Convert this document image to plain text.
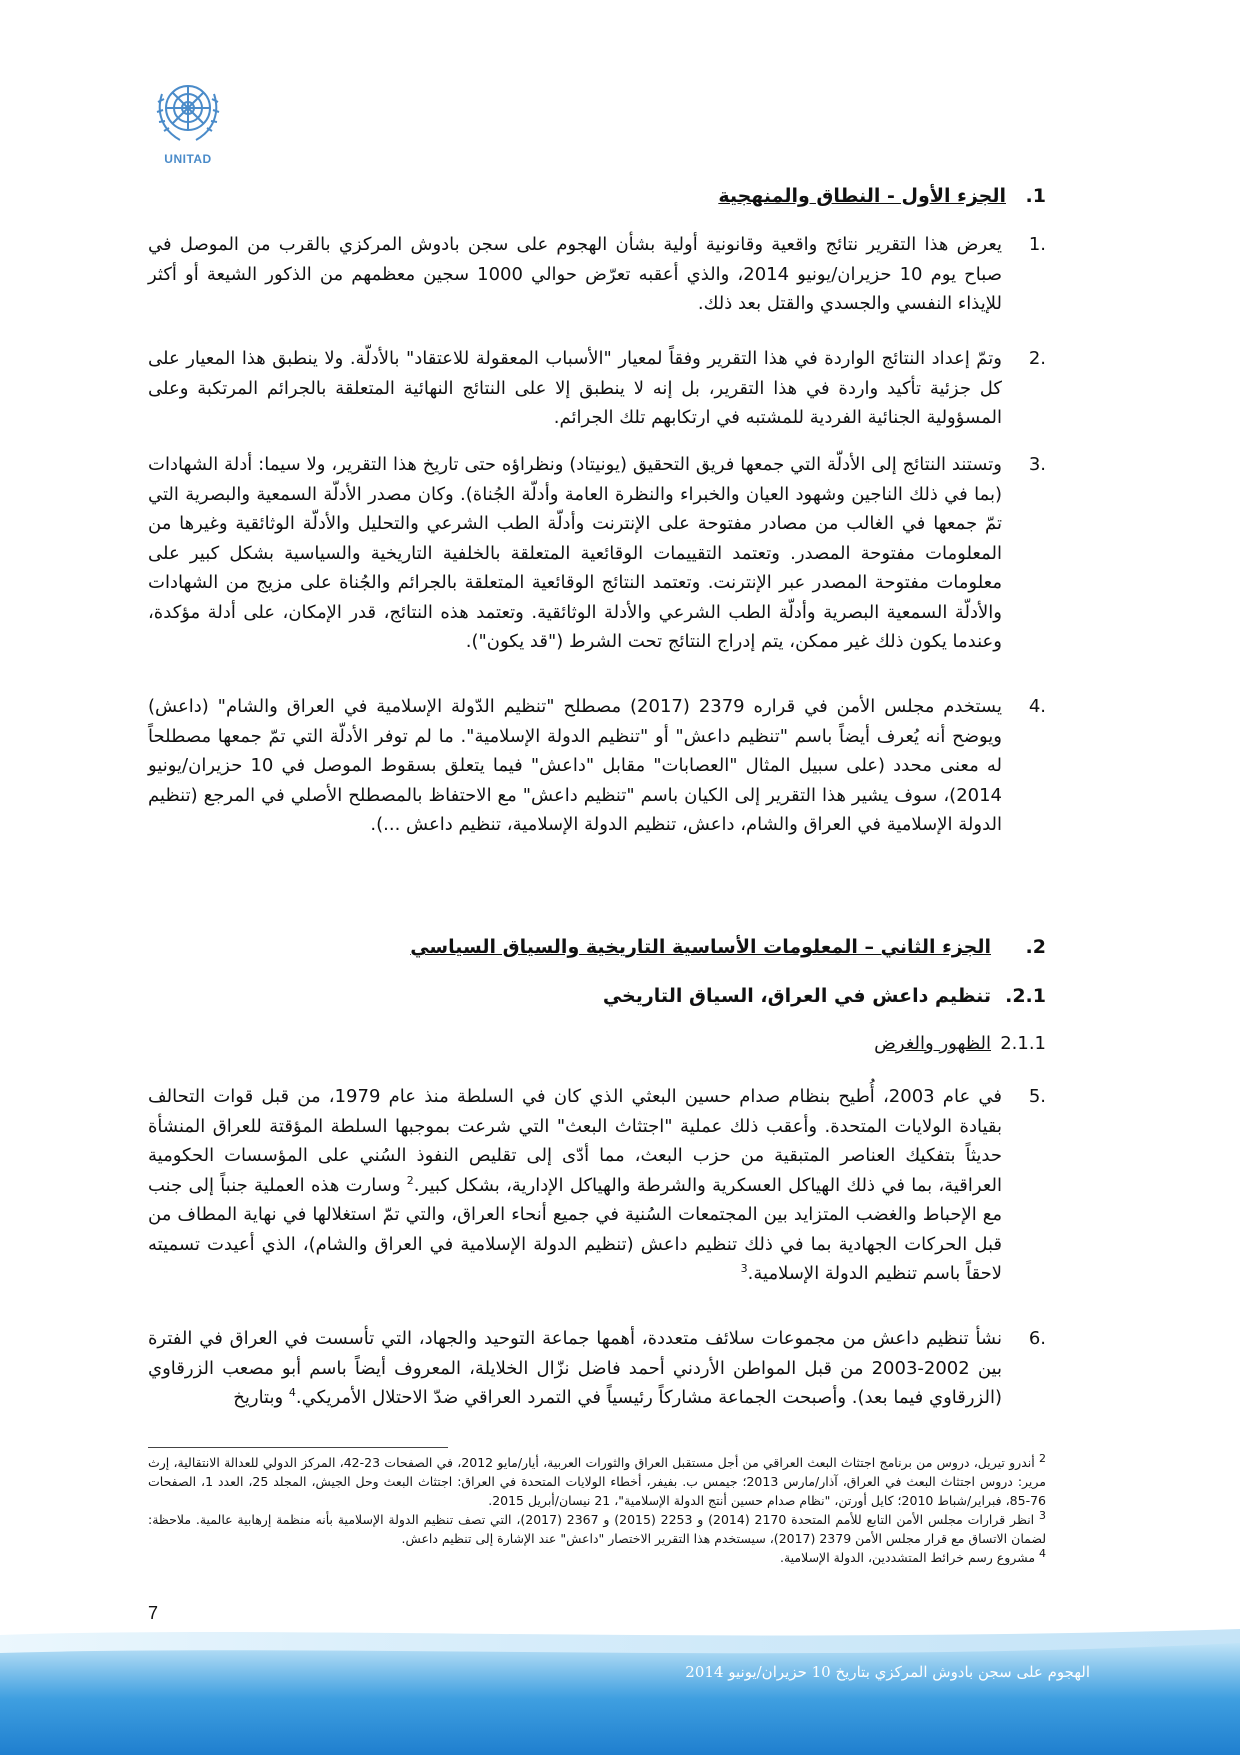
UNITAD
1.الجزء الأول - النطاق والمنهجية
.1
يعرض هذا التقرير نتائج واقعية وقانونية أولية بشأن الهجوم على سجن بادوش المركزي بالقرب من الموصل في صباح يوم 10 حزيران/يونيو 2014، والذي أعقبه تعرّض حوالي 1000 سجين معظمهم من الذكور الشيعة أو أكثر للإيذاء النفسي والجسدي والقتل بعد ذلك.
.2
وتمّ إعداد النتائج الواردة في هذا التقرير وفقاً لمعيار "الأسباب المعقولة للاعتقاد" بالأدلّة. ولا ينطبق هذا المعيار على كل جزئية تأكيد واردة في هذا التقرير، بل إنه لا ينطبق إلا على النتائج النهائية المتعلقة بالجرائم المرتكبة وعلى المسؤولية الجنائية الفردية للمشتبه في ارتكابهم تلك الجرائم.
.3
وتستند النتائج إلى الأدلّة التي جمعها فريق التحقيق (يونيتاد) ونظراؤه حتى تاريخ هذا التقرير، ولا سيما: أدلة الشهادات (بما في ذلك الناجين وشهود العيان والخبراء والنظرة العامة وأدلّة الجُناة). وكان مصدر الأدلّة السمعية والبصرية التي تمّ جمعها في الغالب من مصادر مفتوحة على الإنترنت وأدلّة الطب الشرعي والتحليل والأدلّة الوثائقية وغيرها من المعلومات مفتوحة المصدر. وتعتمد التقييمات الوقائعية المتعلقة بالخلفية التاريخية والسياسية بشكل كبير على معلومات مفتوحة المصدر عبر الإنترنت. وتعتمد النتائج الوقائعية المتعلقة بالجرائم والجُناة على مزيج من الشهادات والأدلّة السمعية البصرية وأدلّة الطب الشرعي والأدلة الوثائقية. وتعتمد هذه النتائج، قدر الإمكان، على أدلة مؤكدة، وعندما يكون ذلك غير ممكن، يتم إدراج النتائج تحت الشرط ("قد يكون").
.4
يستخدم مجلس الأمن في قراره 2379 (2017) مصطلح "تنظيم الدّولة الإسلامية في العراق والشام" (داعش) ويوضح أنه يُعرف أيضاً باسم "تنظيم داعش" أو "تنظيم الدولة الإسلامية". ما لم توفر الأدلّة التي تمّ جمعها مصطلحاً له معنى محدد (على سبيل المثال "العصابات" مقابل "داعش" فيما يتعلق بسقوط الموصل في 10 حزيران/يونيو 2014)، سوف يشير هذا التقرير إلى الكيان باسم "تنظيم داعش" مع الاحتفاظ بالمصطلح الأصلي في المرجع (تنظيم الدولة الإسلامية في العراق والشام، داعش، تنظيم الدولة الإسلامية، تنظيم داعش ...).
2.الجزء الثاني – المعلومات الأساسية التاريخية والسياق السياسي
2.1.تنظيم داعش في العراق، السياق التاريخي
2.1.1الظهور والغرض
.5
في عام 2003، أُطيح بنظام صدام حسين البعثي الذي كان في السلطة منذ عام 1979، من قبل قوات التحالف بقيادة الولايات المتحدة. وأعقب ذلك عملية "اجتثاث البعث" التي شرعت بموجبها السلطة المؤقتة للعراق المنشأة حديثاً بتفكيك العناصر المتبقية من حزب البعث، مما أدّى إلى تقليص النفوذ السُني على المؤسسات الحكومية العراقية، بما في ذلك الهياكل العسكرية والشرطة والهياكل الإدارية، بشكل كبير.$^2$ وسارت هذه العملية جنباً إلى جنب مع الإحباط والغضب المتزايد بين المجتمعات السُنية في جميع أنحاء العراق، والتي تمّ استغلالها في نهاية المطاف من قبل الحركات الجهادية بما في ذلك تنظيم داعش (تنظيم الدولة الإسلامية في العراق والشام)، الذي أعيدت تسميته لاحقاً باسم تنظيم الدولة الإسلامية.$^3$
.6
نشأ تنظيم داعش من مجموعات سلائف متعددة، أهمها جماعة التوحيد والجهاد، التي تأسست في العراق في الفترة بين 2002-2003 من قبل المواطن الأردني أحمد فاضل نزّال الخلايلة، المعروف أيضاً باسم أبو مصعب الزرقاوي (الزرقاوي فيما بعد). وأصبحت الجماعة مشاركاً رئيسياً في التمرد العراقي ضدّ الاحتلال الأمريكي.$^4$ وبتاريخ

$^2$ أندرو تيريل، دروس من برنامج اجتثاث البعث العراقي من أجل مستقبل العراق والثورات العربية، أيار/مايو 2012، في الصفحات 23-42، المركز الدولي للعدالة الانتقالية، إرث مرير: دروس اجتثاث البعث في العراق، آذار/مارس 2013؛ جيمس ب. بفيفر، أخطاء الولايات المتحدة في العراق: اجتثاث البعث وحل الجيش، المجلد 25، العدد 1، الصفحات 76-85، فبراير/شباط 2010؛ كايل أورتن، "نظام صدام حسين أنتج الدولة الإسلامية"، 21 نيسان/أبريل 2015.

$^3$ انظر قرارات مجلس الأمن التابع للأمم المتحدة 2170 (2014) و 2253 (2015) و 2367 (2017)، التي تصف تنظيم الدولة الإسلامية بأنه منظمة إرهابية عالمية. ملاحظة: لضمان الاتساق مع قرار مجلس الأمن 2379 (2017)، سيستخدم هذا التقرير الاختصار "داعش" عند الإشارة إلى تنظيم داعش.

$^4$ مشروع رسم خرائط المتشددين، الدولة الإسلامية.

7
الهجوم على سجن بادوش المركزي بتاريخ 10 حزيران/يونيو 2014
